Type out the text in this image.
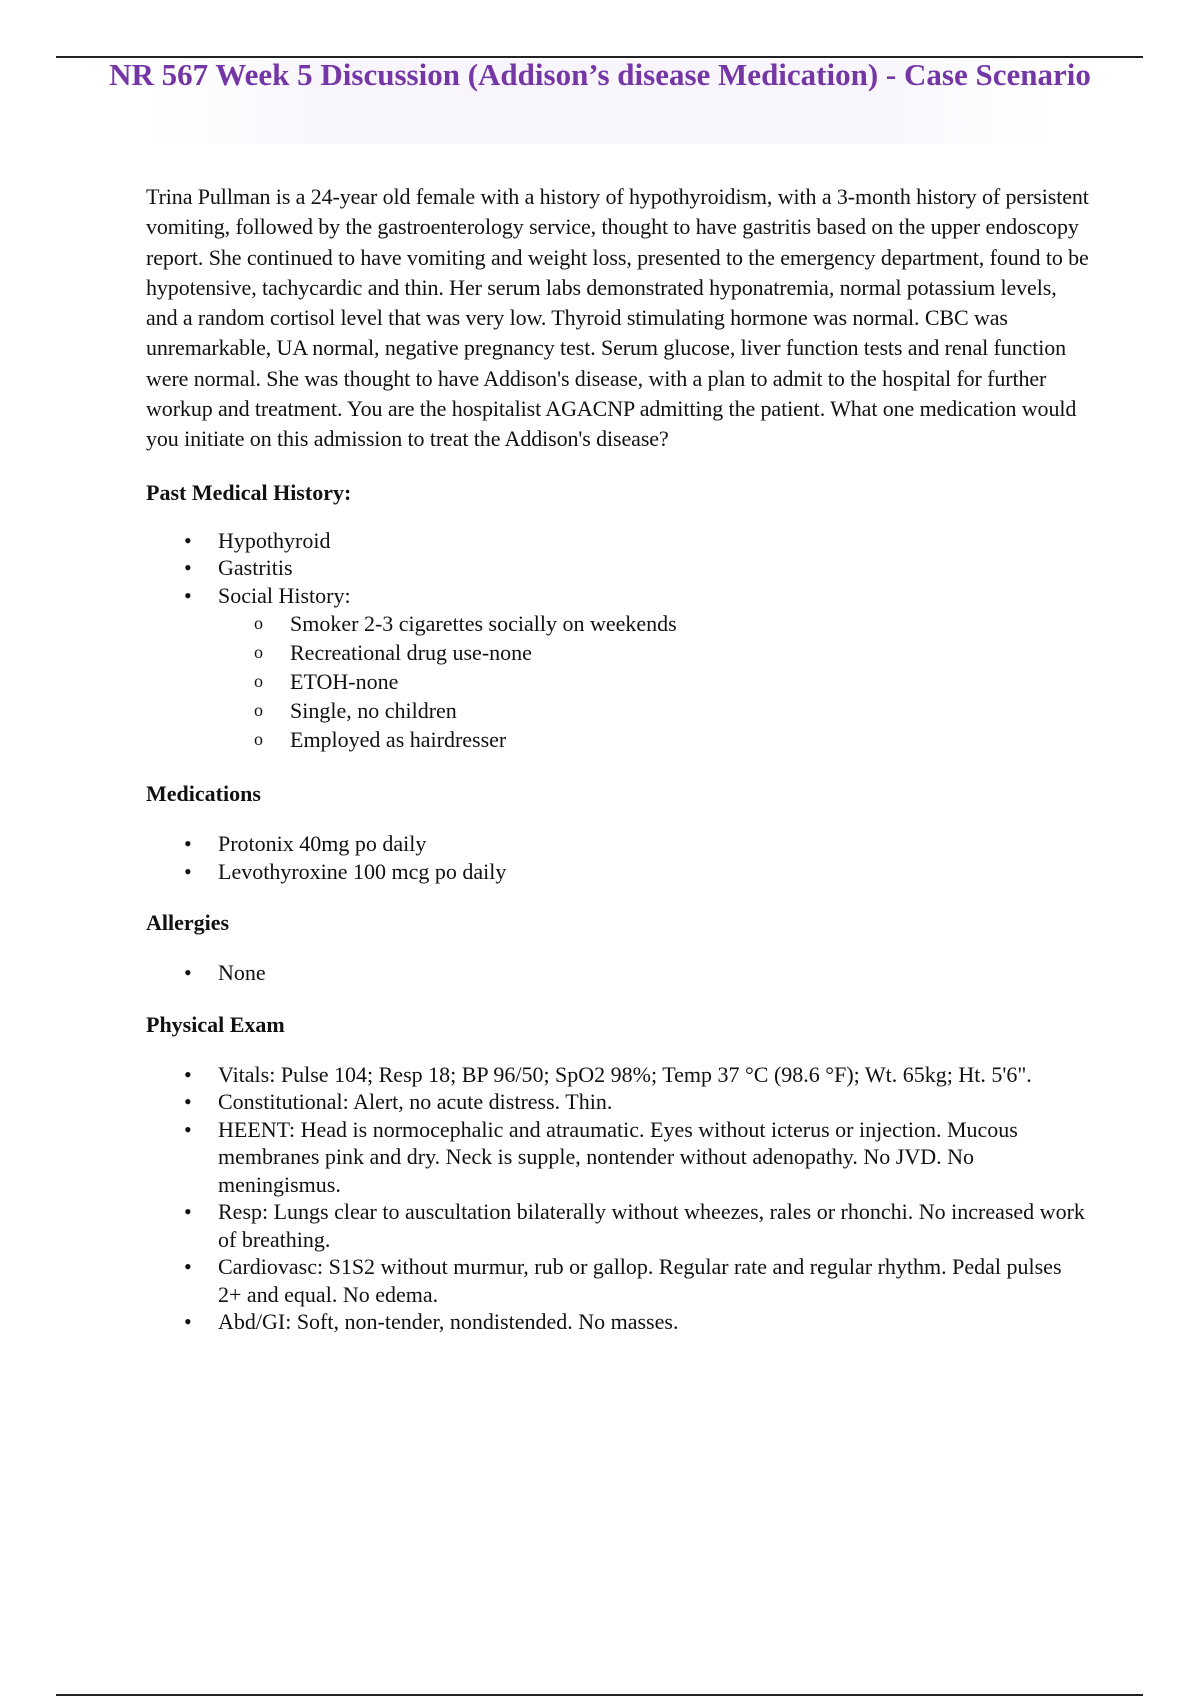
NR 567 Week 5 Discussion (Addison’s disease Medication) - Case Scenario

Trina Pullman is a 24-year old female with a history of hypothyroidism, with a 3-month history of persistent vomiting, followed by the gastroenterology service, thought to have gastritis based on the upper endoscopy report. She continued to have vomiting and weight loss, presented to the emergency department, found to be hypotensive, tachycardic and thin. Her serum labs demonstrated hyponatremia, normal potassium levels, and a random cortisol level that was very low. Thyroid stimulating hormone was normal. CBC was unremarkable, UA normal, negative pregnancy test. Serum glucose, liver function tests and renal function were normal. She was thought to have Addison's disease, with a plan to admit to the hospital for further workup and treatment. You are the hospitalist AGACNP admitting the patient. What one medication would you initiate on this admission to treat the Addison's disease?

Past Medical History:
• Hypothyroid
• Gastritis
• Social History:
o Smoker 2-3 cigarettes socially on weekends
o Recreational drug use-none
o ETOH-none
o Single, no children
o Employed as hairdresser
Medications
• Protonix 40mg po daily
• Levothyroxine 100 mcg po daily
Allergies
• None
Physical Exam
• Vitals: Pulse 104; Resp 18; BP 96/50; SpO2 98%; Temp 37 °C (98.6 °F); Wt. 65kg; Ht. 5'6".
• Constitutional: Alert, no acute distress. Thin.
• HEENT: Head is normocephalic and atraumatic. Eyes without icterus or injection. Mucous membranes pink and dry. Neck is supple, nontender without adenopathy. No JVD. No meningismus.
• Resp: Lungs clear to auscultation bilaterally without wheezes, rales or rhonchi. No increased work of breathing.
• Cardiovasc: S1S2 without murmur, rub or gallop. Regular rate and regular rhythm. Pedal pulses 2+ and equal. No edema.
• Abd/GI: Soft, non-tender, nondistended. No masses.
